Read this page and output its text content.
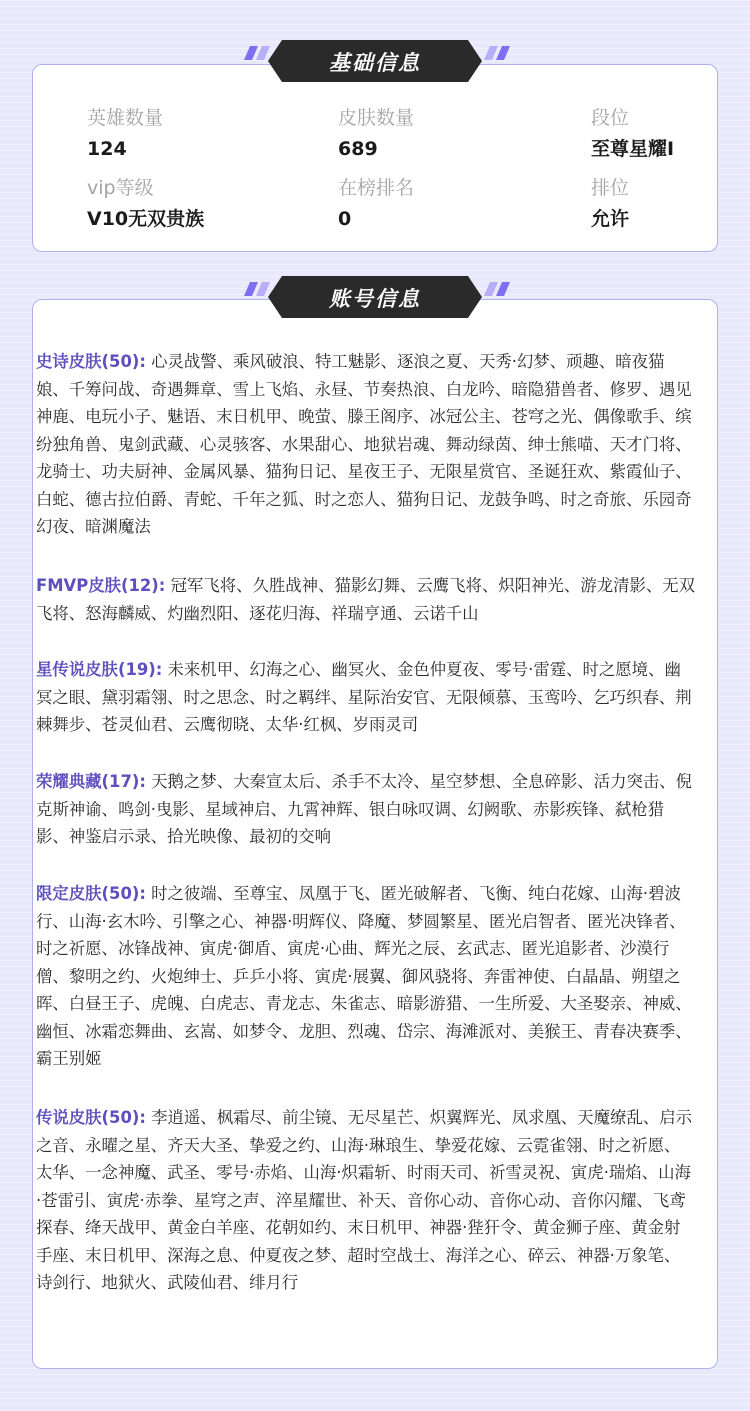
英雄数量
124
皮肤数量
689
段位
至尊星耀I
vip等级
V10无双贵族
在榜排名
0
排位
允许
基础信息
账号信息
史诗皮肤(50): 心灵战警、乘风破浪、特工魅影、逐浪之夏、天秀·幻梦、顽趣、暗夜猫娘、千筹问战、奇遇舞章、雪上飞焰、永昼、节奏热浪、白龙吟、暗隐猎兽者、修罗、遇见神鹿、电玩小子、魅语、末日机甲、晚萤、滕王阁序、冰冠公主、苍穹之光、偶像歌手、缤纷独角兽、鬼剑武藏、心灵骇客、水果甜心、地狱岩魂、舞动绿茵、绅士熊喵、天才门将、龙骑士、功夫厨神、金属风暴、猫狗日记、星夜王子、无限星赏官、圣诞狂欢、紫霞仙子、白蛇、德古拉伯爵、青蛇、千年之狐、时之恋人、猫狗日记、龙鼓争鸣、时之奇旅、乐园奇幻夜、暗渊魔法
FMVP皮肤(12): 冠军飞将、久胜战神、猫影幻舞、云鹰飞将、炽阳神光、游龙清影、无双飞将、怒海麟威、灼幽烈阳、逐花归海、祥瑞亨通、云诺千山
星传说皮肤(19): 未来机甲、幻海之心、幽冥火、金色仲夏夜、零号·雷霆、时之愿境、幽冥之眼、黛羽霜翎、时之思念、时之羁绊、星际治安官、无限倾慕、玉鸾吟、乞巧织春、荆棘舞步、苍灵仙君、云鹰彻晓、太华·红枫、岁雨灵司
荣耀典藏(17): 天鹅之梦、大秦宣太后、杀手不太冷、星空梦想、全息碎影、活力突击、倪克斯神谕、鸣剑·曳影、星域神启、九霄神辉、银白咏叹调、幻阙歌、赤影疾锋、弑枪猎影、神鉴启示录、拾光映像、最初的交响
限定皮肤(50): 时之彼端、至尊宝、凤凰于飞、匿光破解者、飞衡、纯白花嫁、山海·碧波行、山海·玄木吟、引擎之心、神器·明辉仪、降魔、梦圆繁星、匿光启智者、匿光决锋者、时之祈愿、冰锋战神、寅虎·御盾、寅虎·心曲、辉光之辰、玄武志、匿光追影者、沙漠行僧、黎明之约、火炮绅士、乒乒小将、寅虎·展翼、御风骁将、奔雷神使、白晶晶、朔望之晖、白昼王子、虎魄、白虎志、青龙志、朱雀志、暗影游猎、一生所爱、大圣娶亲、神威、幽恒、冰霜恋舞曲、玄嵩、如梦令、龙胆、烈魂、岱宗、海滩派对、美猴王、青春决赛季、霸王别姬
传说皮肤(50): 李逍遥、枫霜尽、前尘镜、无尽星芒、炽翼辉光、凤求凰、天魔缭乱、启示之音、永曜之星、齐天大圣、挚爱之约、山海·琳琅生、挚爱花嫁、云霓雀翎、时之祈愿、太华、一念神魔、武圣、零号·赤焰、山海·炽霜斩、时雨天司、祈雪灵祝、寅虎·瑞焰、山海·苍雷引、寅虎·赤拳、星穹之声、淬星耀世、补天、音你心动、音你心动、音你闪耀、飞鸢探春、绛天战甲、黄金白羊座、花朝如约、末日机甲、神器·狴犴令、黄金狮子座、黄金射手座、末日机甲、深海之息、仲夏夜之梦、超时空战士、海洋之心、碎云、神器·万象笔、诗剑行、地狱火、武陵仙君、绯月行
